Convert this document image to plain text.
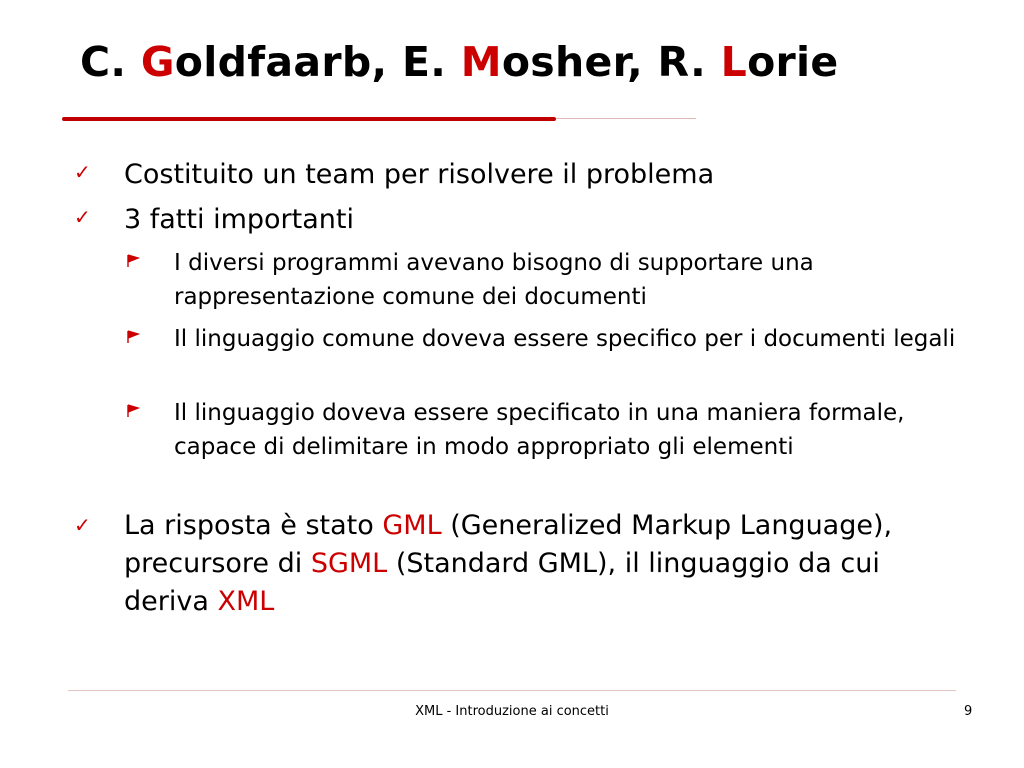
C. Goldfaarb, E. Mosher, R. Lorie
✓ Costituito un team per risolvere il problema
✓ 3 fatti importanti
I diversi programmi avevano bisogno di supportare una rappresentazione comune dei documenti
Il linguaggio comune doveva essere specifico per i documenti legali
Il linguaggio doveva essere specificato in una maniera formale, capace di delimitare in modo appropriato gli elementi
✓ La risposta è stato GML (Generalized Markup Language), precursore di SGML (Standard GML), il linguaggio da cui deriva XML
XML - Introduzione ai concetti	9
